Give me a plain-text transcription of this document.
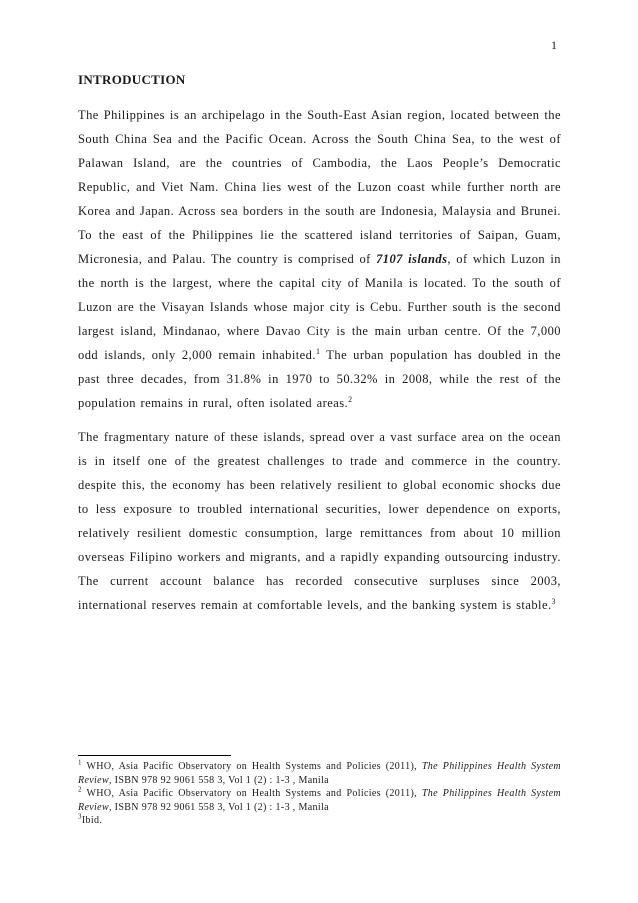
1
INTRODUCTION

The Philippines is an archipelago in the South-East Asian region, located between the South China Sea and the Pacific Ocean. Across the South China Sea, to the west of Palawan Island, are the countries of Cambodia, the Laos People’s Democratic Republic, and Viet Nam. China lies west of the Luzon coast while further north are Korea and Japan. Across sea borders in the south are Indonesia, Malaysia and Brunei. To the east of the Philippines lie the scattered island territories of Saipan, Guam, Micronesia, and Palau. The country is comprised of 7107 islands, of which Luzon in the north is the largest, where the capital city of Manila is located. To the south of Luzon are the Visayan Islands whose major city is Cebu. Further south is the second largest island, Mindanao, where Davao City is the main urban centre. Of the 7,000 odd islands, only 2,000 remain inhabited.$^1$ The urban population has doubled in the past three decades, from 31.8% in 1970 to 50.32% in 2008, while the rest of the population remains in rural, often isolated areas.$^2$

The fragmentary nature of these islands, spread over a vast surface area on the ocean is in itself one of the greatest challenges to trade and commerce in the country. despite this, the economy has been relatively resilient to global economic shocks due to less exposure to troubled international securities, lower dependence on exports, relatively resilient domestic consumption, large remittances from about 10 million overseas Filipino workers and migrants, and a rapidly expanding outsourcing industry. The current account balance has recorded consecutive surpluses since 2003, international reserves remain at comfortable levels, and the banking system is stable.$^3$

$^1$ WHO, Asia Pacific Observatory on Health Systems and Policies (2011), The Philippines Health System Review, ISBN 978 92 9061 558 3, Vol 1 (2) : 1-3 , Manila

$^2$ WHO, Asia Pacific Observatory on Health Systems and Policies (2011), The Philippines Health System Review, ISBN 978 92 9061 558 3, Vol 1 (2) : 1-3 , Manila

$^3$Ibid.
